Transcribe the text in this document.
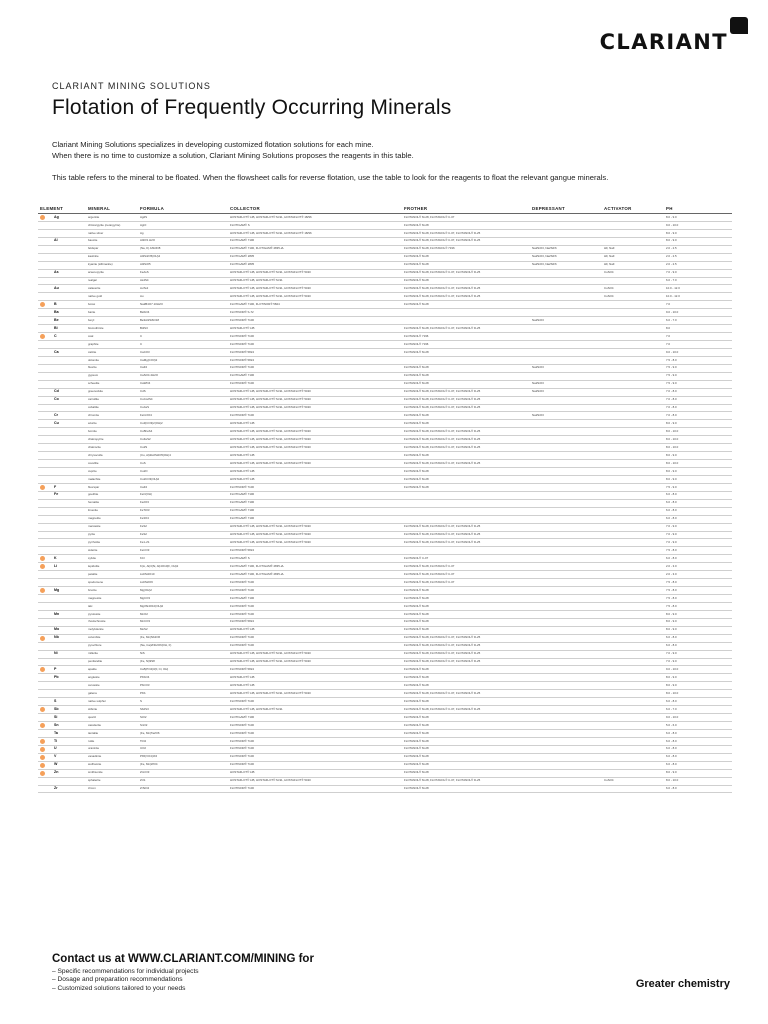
CLARIANT
CLARIANT MINING SOLUTIONS
Flotation of Frequently Occurring Minerals

Clariant Mining Solutions specializes in developing customized flotation solutions for each mine.

When there is no time to customize a solution, Clariant Mining Solutions proposes the reagents in this table.

This table refers to the mineral to be floated. When the flowsheet calls for reverse flotation, use the table to look for the reagents to float the relevant gangue minerals.

ELEMENT	MINERAL	FORMULA	COLLECTOR	FROTHER	DEPRESSANT	ACTIVATOR	PH

Ag	argentite	Ag2S	HOSTAFLOT® LIB, HOSTAFLOT® M-91, HOSTAFLOT® 18/96	FLOTANOL® M-28, FLOTANOL® C-07			8.0 - 9.0
	chlorargyrite (cerargyrite)	AgCl	FLOTIGAM® S	FLOTANOL® M-28			9.0 - 10.0
	native silver	Ag	HOSTAFLOT® LIB, HOSTAFLOT® M-91, HOSTAFLOT® 18/96	FLOTANOL® M-28, FLOTANOL® C-07, FLOTANOL® D-25			8.0 - 9.0
Al	bauxite	Al2O3·H2O	FLOTIGAM® 7100	FLOTANOL® M-28, FLOTANOL® C-07, FLOTANOL® D-25			8.0 - 9.0
	feldspar	(Na, K) AlSi3O8	FLOTIGAM® 7100, FLOTIGAM® 2835-2L	FLOTANOL® M-28, FLOTANOL® 7196	Na2SiO3, Na2SiF6	HF, NaF	2.0 - 2.5
	kaolinite	Al2Si2O5(OH)4	FLOTIGAM® 2835	FLOTANOL® M-28	Na2SiO3, Na2SiF6	HF, NaF	2.0 - 2.5
	kyanite (sillimanite)	Al2SiO5	FLOTIGAM® 2835	FLOTANOL® M-28	Na2SiO3, Na2SiF6	HF, NaF	2.0 - 2.5
As	arsenopyrite	FeAsS	HOSTAFLOT® LIB, HOSTAFLOT® M-91, HOSTAFLOT® 5430	FLOTANOL® M-28, FLOTANOL® C-07, FLOTANOL® D-25		CuSO4	7.0 - 9.0
	realgar	As4S4	HOSTAFLOT® LIB, HOSTAFLOT® M-91	FLOTANOL® M-28			6.0 - 7.0
Au	calaverite	AuTe2	HOSTAFLOT® LIB, HOSTAFLOT® M-91, HOSTAFLOT® 5430	FLOTANOL® M-28, FLOTANOL® C-07, FLOTANOL® D-25		CuSO4	10.0 - 12.0
	native gold	Au	HOSTAFLOT® LIB, HOSTAFLOT® M-91, HOSTAFLOT® 5430	FLOTANOL® M-28, FLOTANOL® C-07, FLOTANOL® D-25		CuSO4	10.0 - 12.0

B	borax	Na2B4O7·10H2O	FLOTIGAM® 7100, FLOTINOR® 5824	FLOTANOL® M-28			7.0
Ba	barite	BaSO4	FLOTINOR® S-72				9.0 - 10.0
Be	beryl	Be3Al2Si6O18	FLOTINOR® 7100		Na2SiO3		6.0 - 7.0
Bi	bismuthinite	Bi2S3	HOSTAFLOT® LIB	FLOTANOL® M-28, FLOTANOL® C-07, FLOTANOL® D-25			8.0

C	coal	C	FLOTINOR® 7100	FLOTANOL® 7196			7.0
	graphite	C	FLOTINOR® 7100	FLOTANOL® 7196			7.0
Ca	calcite	CaCO3	FLOTINOR® 5824	FLOTANOL® M-28			9.0 - 10.0
	dolomite	CaMg(CO3)2	FLOTINOR® 5824				7.5 - 8.0
	fluorite	CaF2	FLOTINOR® 7100	FLOTANOL® M-28	Na2SiO3		7.5 - 9.0
	gypsum	CaSO4·2H2O	FLOTIGAM® 7100	FLOTANOL® M-28			7.5 - 9.0
	scheelite	CaWO4	FLOTINOR® 7100	FLOTANOL® M-28	Na2SiO3		7.5 - 9.0
Cd	greenockite	CdS	HOSTAFLOT® LIB, HOSTAFLOT® M-91, HOSTAFLOT® 5430	FLOTANOL® M-28, FLOTANOL® C-07, FLOTANOL® D-25	Na2SiO3		7.0 - 8.0
Co	carrollite	CuCo2S4	HOSTAFLOT® LIB, HOSTAFLOT® M-91, HOSTAFLOT® 5430	FLOTANOL® M-28, FLOTANOL® C-07, FLOTANOL® D-25			7.0 - 8.0
	cobaltite	CoAsS	HOSTAFLOT® LIB, HOSTAFLOT® M-91, HOSTAFLOT® 5430	FLOTANOL® M-28, FLOTANOL® C-07, FLOTANOL® D-25			7.0 - 8.0
Cr	chromite	FeCr2O4	FLOTINOR® 7100	FLOTANOL® M-28	Na2SiO3		7.0 - 8.0
Cu	azurite	Cu3(CO3)2(OH)2	HOSTAFLOT® LIB	FLOTANOL® M-28			8.0 - 9.0
	bornite	Cu5FeS4	HOSTAFLOT® LIB, HOSTAFLOT® M-91, HOSTAFLOT® 5430	FLOTANOL® M-28, FLOTANOL® C-07, FLOTANOL® D-25			8.0 - 10.0
	chalcopyrite	CuFeS2	HOSTAFLOT® LIB, HOSTAFLOT® M-91, HOSTAFLOT® 5430	FLOTANOL® M-28, FLOTANOL® C-07, FLOTANOL® D-25			8.0 - 10.0
	chalcocite	Cu2S	HOSTAFLOT® LIB, HOSTAFLOT® M-91, HOSTAFLOT® 5430	FLOTANOL® M-28, FLOTANOL® C-07, FLOTANOL® D-25			8.0 - 10.0
	chrysocolla	(Cu, Al)2H2Si2O5(OH)4	HOSTAFLOT® LIB	FLOTANOL® M-28			8.0 - 9.0
	covellite	CuS	HOSTAFLOT® LIB, HOSTAFLOT® M-91, HOSTAFLOT® 5430	FLOTANOL® M-28, FLOTANOL® C-07, FLOTANOL® D-25			8.0 - 10.0
	cuprite	Cu2O	HOSTAFLOT® LIB	FLOTANOL® M-28			8.0 - 9.0
	malachite	Cu2CO3(OH)2	HOSTAFLOT® LIB	FLOTANOL® M-28			8.0 - 9.0

F	fluorspar	CaF2	FLOTINOR® 7100	FLOTANOL® M-28			7.5 - 9.0
Fe	goethite	FeO(OH)	FLOTIGAM® 7100				6.0 - 8.0
	hematite	Fe2O3	FLOTIGAM® 7100				6.0 - 8.0
	ilmenite	FeTiO3	FLOTIGAM® 7100				6.0 - 8.0
	magnetite	Fe3O4	FLOTIGAM® 7100				6.0 - 8.0
	marcasite	FeS2	HOSTAFLOT® LIB, HOSTAFLOT® M-91, HOSTAFLOT® 5430	FLOTANOL® M-28, FLOTANOL® C-07, FLOTANOL® D-25			7.0 - 9.0
	pyrite	FeS2	HOSTAFLOT® LIB, HOSTAFLOT® M-91, HOSTAFLOT® 5430	FLOTANOL® M-28, FLOTANOL® C-07, FLOTANOL® D-25			7.0 - 9.0
	pyrrhotite	Fe1-xS	HOSTAFLOT® LIB, HOSTAFLOT® M-91, HOSTAFLOT® 5430	FLOTANOL® M-28, FLOTANOL® C-07, FLOTANOL® D-25			7.0 - 9.0
	siderite	FeCO3	FLOTINOR® 5824				7.5 - 8.0

K	sylvite	KCl	FLOTIGAM® S	FLOTANOL® C-07			6.0 - 8.0

Li	lepidolite	K(Li, Al)3(Si, Al)4O10(F, OH)2	FLOTIGAM® 7100, FLOTIGAM® 2835-2L	FLOTANOL® M-28, FLOTANOL® C-07			2.0 - 3.0
	petalite	LiAlSi4O10	FLOTIGAM® 7100, FLOTIGAM® 2835-2L	FLOTANOL® M-28, FLOTANOL® C-07			2.0 - 3.0
	spodumene	LiAlSi2O6	FLOTINOR® 7100	FLOTANOL® M-28, FLOTANOL® C-07			7.5 - 8.0

Mg	brucite	Mg(OH)2	FLOTINOR® 7100	FLOTANOL® M-28			7.5 - 8.0
	magnesite	MgCO3	FLOTIGAM® 7100	FLOTANOL® M-28			7.5 - 8.0
	talc	Mg3Si4O10(OH)2	FLOTINOR® 7100	FLOTANOL® M-28			7.5 - 8.0
Mn	pyrolusite	MnO2	FLOTINOR® 7100	FLOTANOL® M-28			8.0 - 9.0
	rhodochrosite	MnCO3	FLOTINOR® 5824	FLOTANOL® M-28			8.0 - 9.0
Mo	molybdenite	MoS2	HOSTAFLOT® LIB	FLOTANOL® M-28			8.0 - 9.0

Nb	columbite	(Fe, Mn)Nb2O6	FLOTINOR® 7100	FLOTANOL® M-28, FLOTANOL® C-07, FLOTANOL® D-25			6.0 - 8.0
	pyrochlore	(Na, Ca)2Nb2O6(OH, F)	FLOTINOR® 7100	FLOTANOL® M-28, FLOTANOL® C-07, FLOTANOL® D-25			6.0 - 8.0
Ni	millerite	NiS	HOSTAFLOT® LIB, HOSTAFLOT® M-91, HOSTAFLOT® 5430	FLOTANOL® M-28, FLOTANOL® C-07, FLOTANOL® D-25			7.0 - 9.0
	pentlandite	(Fe, Ni)9S8	HOSTAFLOT® LIB, HOSTAFLOT® M-91, HOSTAFLOT® 5430	FLOTANOL® M-28, FLOTANOL® C-07, FLOTANOL® D-25			7.0 - 9.0

P	apatite	Ca5(PO4)3(F, Cl, OH)	FLOTINOR® 5824	FLOTANOL® M-28			9.0 - 10.0
Pb	anglesite	PbSO4	HOSTAFLOT® LIB	FLOTANOL® M-28			8.0 - 9.0
	cerussite	PbCO3	HOSTAFLOT® LIB	FLOTANOL® M-28			8.0 - 9.0
	galena	PbS	HOSTAFLOT® LIB, HOSTAFLOT® M-91, HOSTAFLOT® 5430	FLOTANOL® M-28, FLOTANOL® C-07, FLOTANOL® D-25			8.0 - 10.0
S	native sulphur	S	FLOTINOR® 7100	FLOTANOL® M-28			6.0 - 8.0

Sb	stibnite	Sb2S3	HOSTAFLOT® LIB, HOSTAFLOT® M-91	FLOTANOL® M-28, FLOTANOL® C-07, FLOTANOL® D-25			6.0 - 7.0
Si	quartz	SiO2	FLOTIGAM® 7100	FLOTANOL® M-28			9.0 - 10.0

Sn	cassiterite	SnO2	FLOTINOR® 7100	FLOTANOL® M-28			5.0 - 6.0
Ta	tantalite	(Fe, Mn)Ta2O6	FLOTINOR® 7100	FLOTANOL® M-28			6.0 - 8.0

Ti	rutile	TiO2	FLOTINOR® 7100	FLOTANOL® M-28			6.0 - 8.0

U	uraninite	UO2	FLOTINOR® 7100	FLOTANOL® M-28			6.0 - 8.0

V	vanadinite	Pb5(VO4)3Cl	FLOTINOR® 7100	FLOTANOL® M-28			6.0 - 8.0

W	wolframite	(Fe, Mn)WO4	FLOTINOR® 7100	FLOTANOL® M-28			6.0 - 8.0

Zn	smithsonite	ZnCO3	HOSTAFLOT® LIB	FLOTANOL® M-28			8.0 - 9.0
	sphalerite	ZnS	HOSTAFLOT® LIB, HOSTAFLOT® M-91, HOSTAFLOT® 5430	FLOTANOL® M-28, FLOTANOL® C-07, FLOTANOL® D-25		CuSO4	8.0 - 10.0
Zr	zircon	ZrSiO4	FLOTINOR® 7100	FLOTANOL® M-28			6.0 - 8.0
Contact us at WWW.CLARIANT.COM/MINING for
– Specific recommendations for individual projects
– Dosage and preparation recommendations
– Customized solutions tailored to your needs	Greater chemistry
